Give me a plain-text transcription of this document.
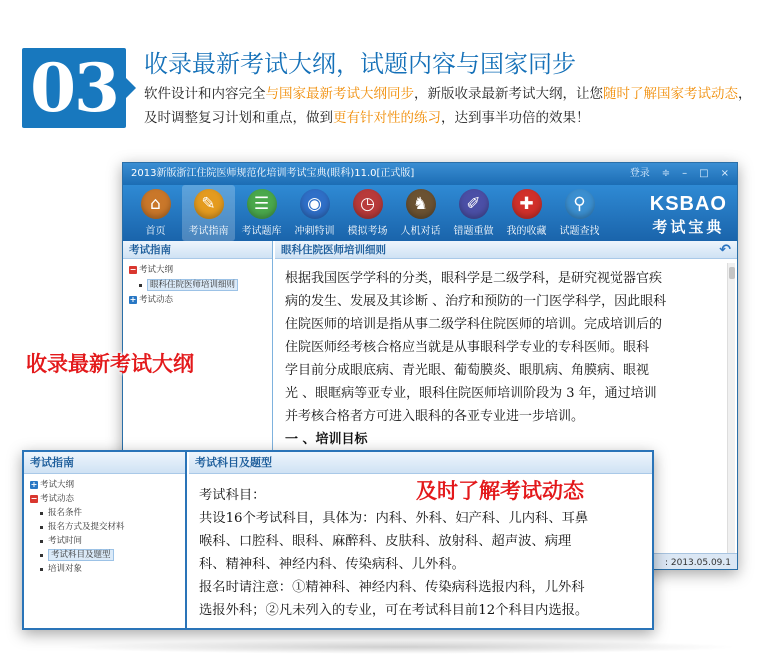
03	收录最新考试大纲，试题内容与国家同步
软件设计和内容完全与国家最新考试大纲同步，新版收录最新考试大纲，让您随时了解国家考试动态，及时调整复习计划和重点，做到更有针对性的练习，达到事半功倍的效果！
2013新版浙江住院医师规范化培训考试宝典(眼科)11.0[正式版]	登录 ≑ – □ ×
⌂
首页
✎
考试指南
☰
考试题库
◉
冲刺特训
◷
模拟考场
♞
人机对话
✐
错题重做
✚
我的收藏
⚲
试题查找
KSBAO
考试宝典
考试指南
− 考试大纲
眼科住院医师培训细则
+ 考试动态
眼科住院医师培训细则	↶
根据我国医学学科的分类，眼科学是二级学科，是研究视觉器官疾
病的发生、发展及其诊断 、治疗和预防的一门医学科学，因此眼科
住院医师的培训是指从事二级学科住院医师的培训。完成培训后的
住院医师经考核合格应当就是从事眼科学专业的专科医师。眼科
学目前分成眼底病、青光眼、葡萄膜炎、眼肌病、角膜病、眼视
光 、眼眶病等亚专业，眼科住院医师培训阶段为 3 年，通过培训
并考核合格者方可进入眼科的各亚专业进一步培训。
一 、培训目标
: 2013.05.09.1
收录最新考试大纲
考试指南
+ 考试大纲
− 考试动态
报名条件
报名方式及提交材料
考试时间
考试科目及题型
培训对象
考试科目及题型
考试科目：
共设16个考试科目，具体为：内科、外科、妇产科、儿内科、耳鼻
喉科、口腔科、眼科、麻醉科、皮肤科、放射科、超声波、病理
科、精神科、神经内科、传染病科、儿外科。
报名时请注意：①精神科、神经内科、传染病科选报内科，儿外科
选报外科；②凡未列入的专业，可在考试科目前12个科目内选报。
及时了解考试动态
